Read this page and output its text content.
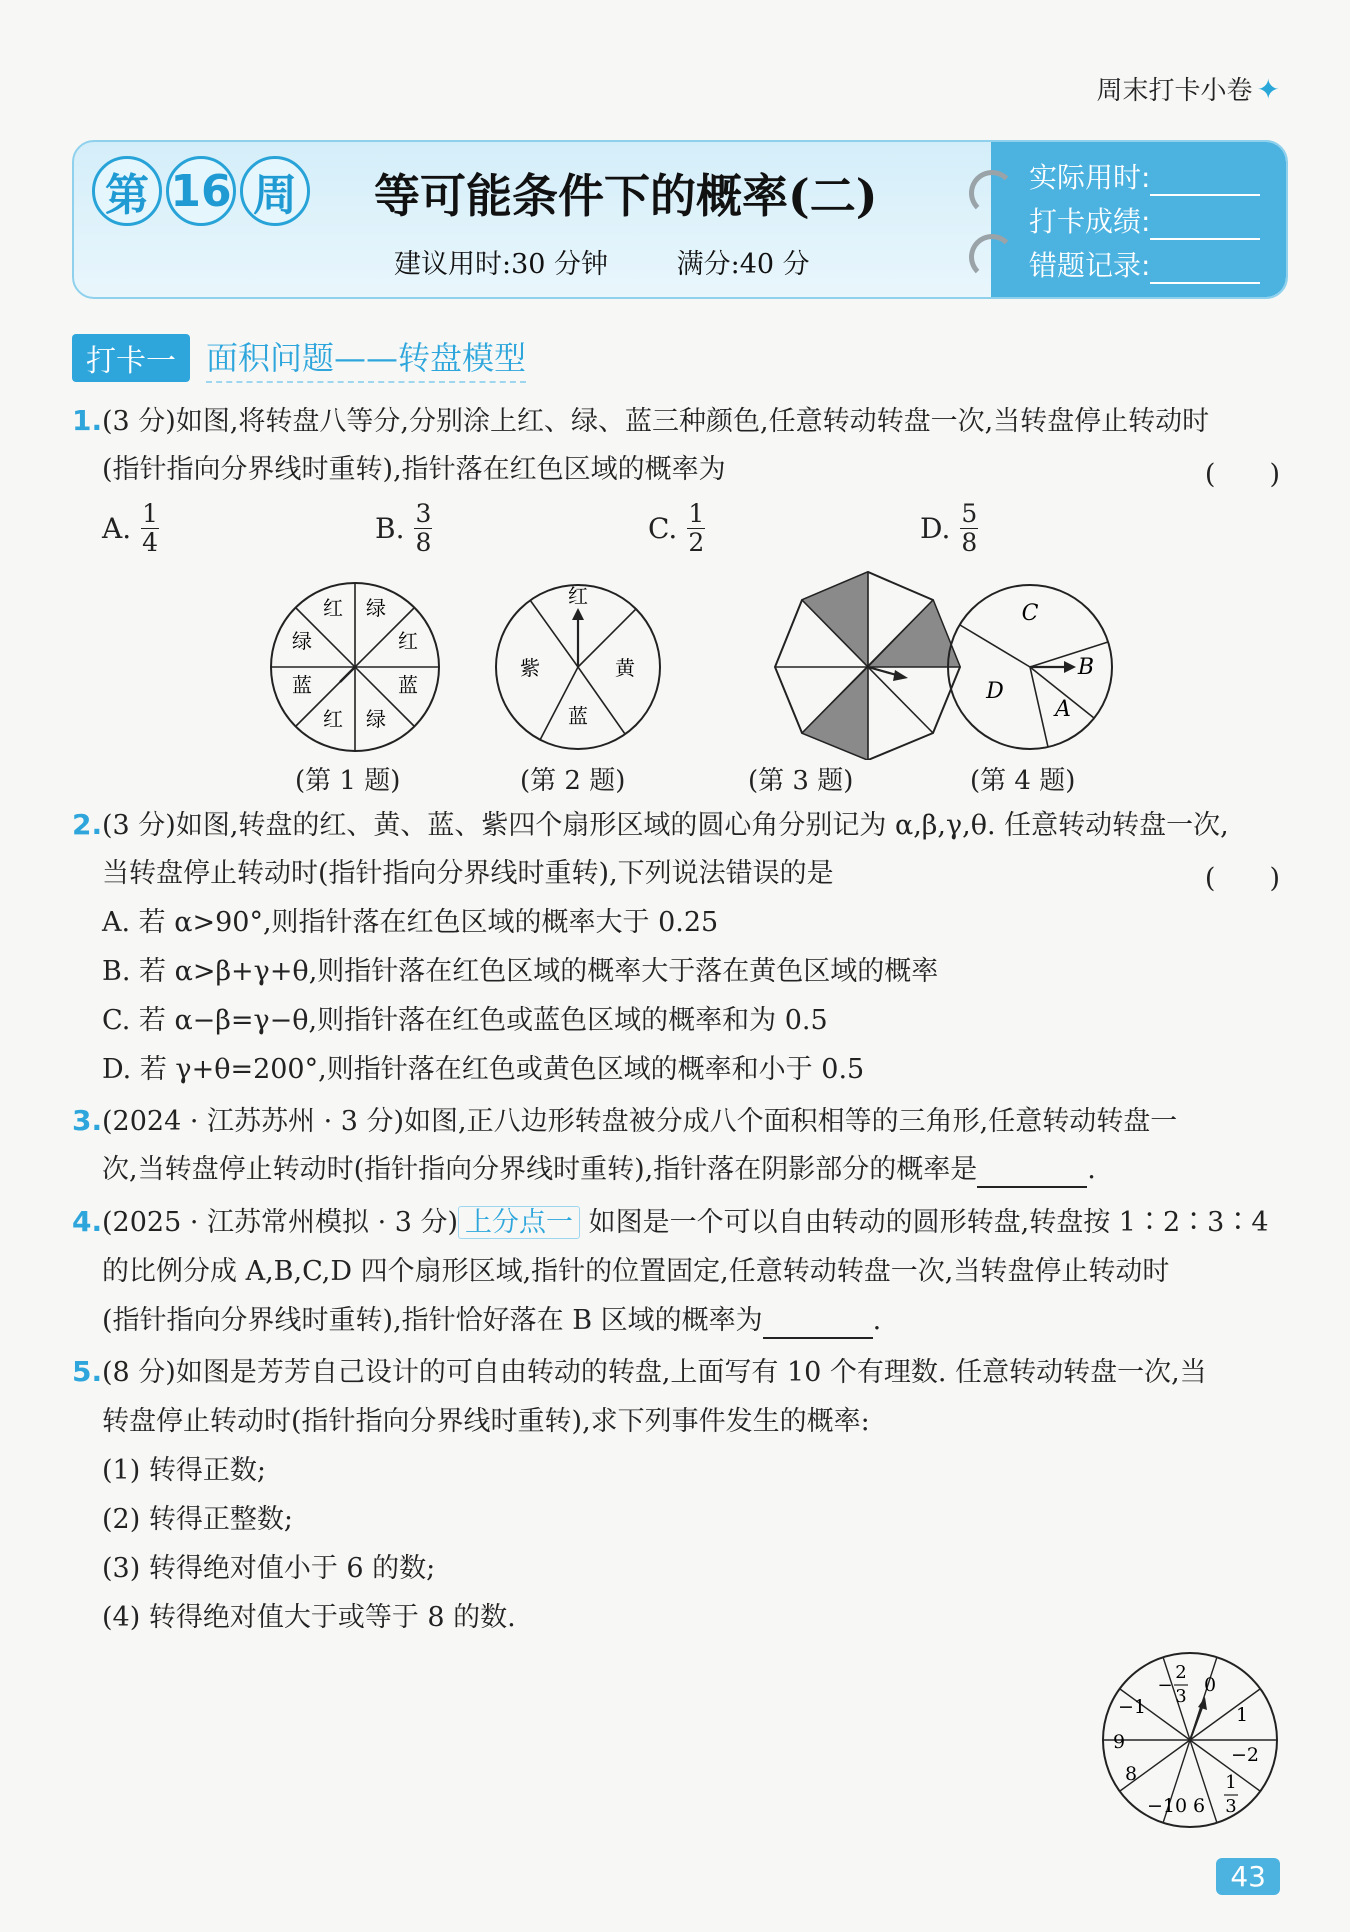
周末打卡小卷 ✦
第 16 周 等可能条件下的概率(二)
建议用时:30 分钟	满分:40 分
实际用时:
打卡成绩:
错题记录:
打卡一 面积问题——转盘模型
1. (3 分)如图,将转盘八等分,分别涂上红、绿、蓝三种颜色,任意转动转盘一次,当转盘停止转动时
(指针指向分界线时重转),指针落在红色区域的概率为	(　　)
A. $\frac{1}{4}$	B. $\frac{3}{8}$	C. $\frac{1}{2}$	D. $\frac{5}{8}$
红 绿
红
蓝
绿
红
蓝
绿
红
黄
蓝
紫
C
B
A
D
(第 1 题)	(第 2 题)	(第 3 题)	(第 4 题)
2. (3 分)如图,转盘的红、黄、蓝、紫四个扇形区域的圆心角分别记为 α,β,γ,θ. 任意转动转盘一次,
当转盘停止转动时(指针指向分界线时重转),下列说法错误的是	(　　)
A. 若 α>90°,则指针落在红色区域的概率大于 0.25
B. 若 α>β+γ+θ,则指针落在红色区域的概率大于落在黄色区域的概率
C. 若 α−β=γ−θ,则指针落在红色或蓝色区域的概率和为 0.5
D. 若 γ+θ=200°,则指针落在红色或黄色区域的概率和小于 0.5
3. (2024 · 江苏苏州 · 3 分)如图,正八边形转盘被分成八个面积相等的三角形,任意转动转盘一
次,当转盘停止转动时(指针指向分界线时重转),指针落在阴影部分的概率是	.
4. (2025 · 江苏常州模拟 · 3 分) 上分点一 如图是一个可以自由转动的圆形转盘,转盘按 1∶2∶3∶4
的比例分成 A,B,C,D 四个扇形区域,指针的位置固定,任意转动转盘一次,当转盘停止转动时
(指针指向分界线时重转),指针恰好落在 B 区域的概率为	.
5. (8 分)如图是芳芳自己设计的可自由转动的转盘,上面写有 10 个有理数. 任意转动转盘一次,当
转盘停止转动时(指针指向分界线时重转),求下列事件发生的概率:
(1) 转得正数;
(2) 转得正整数;
(3) 转得绝对值小于 6 的数;
(4) 转得绝对值大于或等于 8 的数.
−
2
3
1
3
0
1
−2
6
−10
8
9
−1
43
